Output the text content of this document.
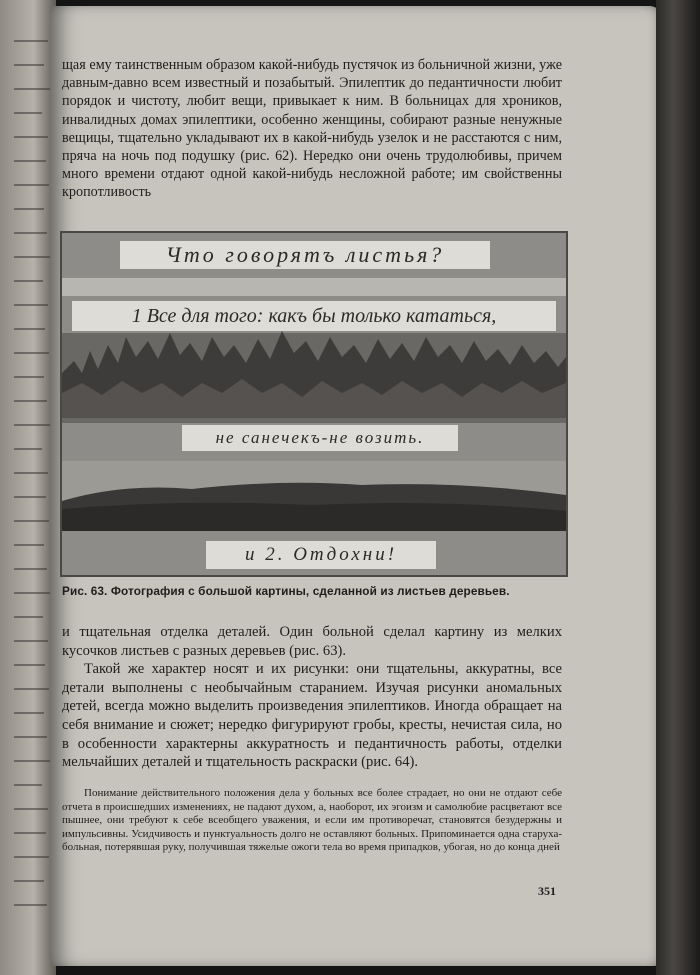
щая ему таинственным образом какой-нибудь пустячок из больничной жизни, уже давным-давно всем известный и позабытый. Эпилептик до педантичности любит порядок и чистоту, любит вещи, привыкает к ним. В больницах для хроников, инвалидных домах эпилептики, особенно женщины, собирают разные ненужные вещицы, тщательно укладывают их в какой-нибудь узелок и не расстаются с ним, пряча на ночь под подушку (рис. 62). Нередко они очень трудолюбивы, причем много времени отдают одной какой-нибудь несложной работе; им свойственны кропотливость

Что говорятъ листья?
1 Все для того: какъ бы только кататься,
не санечекъ-не возить.
и 2. Отдохни!
Рис. 63. Фотография с большой картины, сделанной из листьев деревьев.

и тщательная отделка деталей. Один больной сделал картину из мелких кусочков листьев с разных деревьев (рис. 63).

Такой же характер носят и их рисунки: они тщательны, аккуратны, все детали выполнены с необычайным старанием. Изучая рисунки аномальных детей, всегда можно выделить произведения эпилептиков. Иногда обращает на себя внимание и сюжет; нередко фигурируют гробы, кресты, нечистая сила, но в особенности характерны аккуратность и педантичность работы, отделки мельчайших деталей и тщательность раскраски (рис. 64).

Понимание действительного положения дела у больных все более страдает, но они не отдают себе отчета в происшедших изменениях, не падают духом, а, наоборот, их эгоизм и самолюбие расцветают все пышнее, они требуют к себе всеобщего уважения, и если им противоречат, становятся безудержны и импульсивны. Усидчивость и пунктуальность долго не оставляют больных. Припоминается одна старуха-больная, потерявшая руку, получившая тяжелые ожоги тела во время припадков, убогая, но до конца дней

351
